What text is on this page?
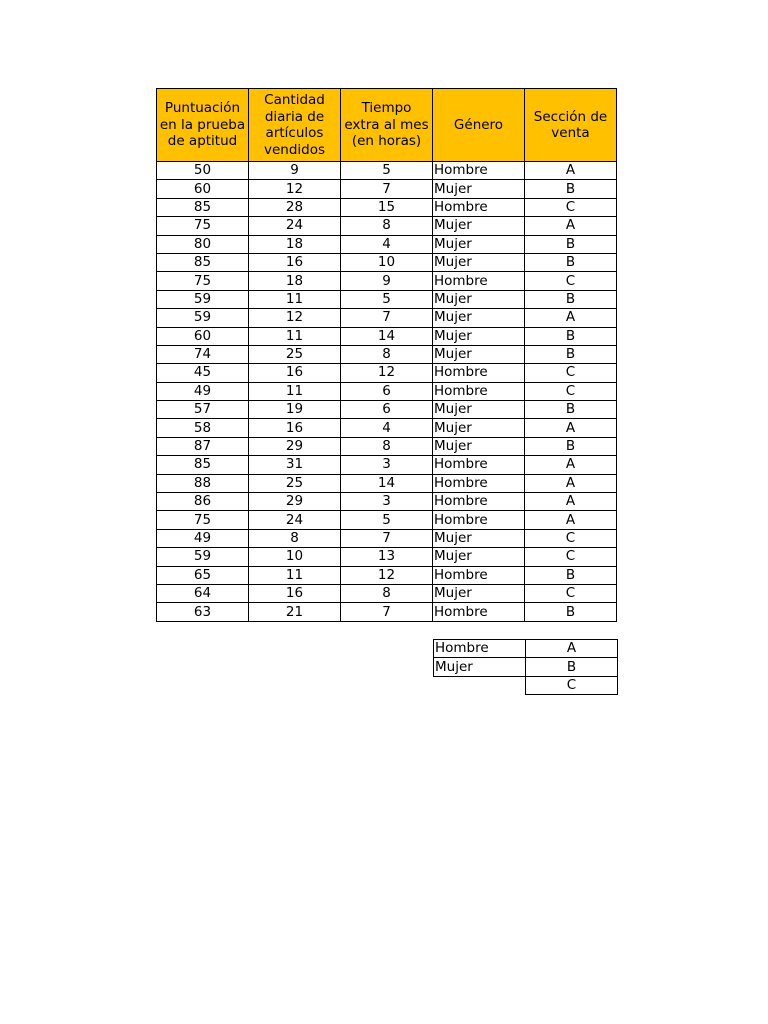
Puntuación en la prueba de aptitud	Cantidad diaria de artículos vendidos	Tiempo extra al mes (en horas)	Género	Sección de venta
50	9	5	Hombre	A
60	12	7	Mujer	B
85	28	15	Hombre	C
75	24	8	Mujer	A
80	18	4	Mujer	B
85	16	10	Mujer	B
75	18	9	Hombre	C
59	11	5	Mujer	B
59	12	7	Mujer	A
60	11	14	Mujer	B
74	25	8	Mujer	B
45	16	12	Hombre	C
49	11	6	Hombre	C
57	19	6	Mujer	B
58	16	4	Mujer	A
87	29	8	Mujer	B
85	31	3	Hombre	A
88	25	14	Hombre	A
86	29	3	Hombre	A
75	24	5	Hombre	A
49	8	7	Mujer	C
59	10	13	Mujer	C
65	11	12	Hombre	B
64	16	8	Mujer	C
63	21	7	Hombre	B
Hombre	A
Mujer	B
	C
